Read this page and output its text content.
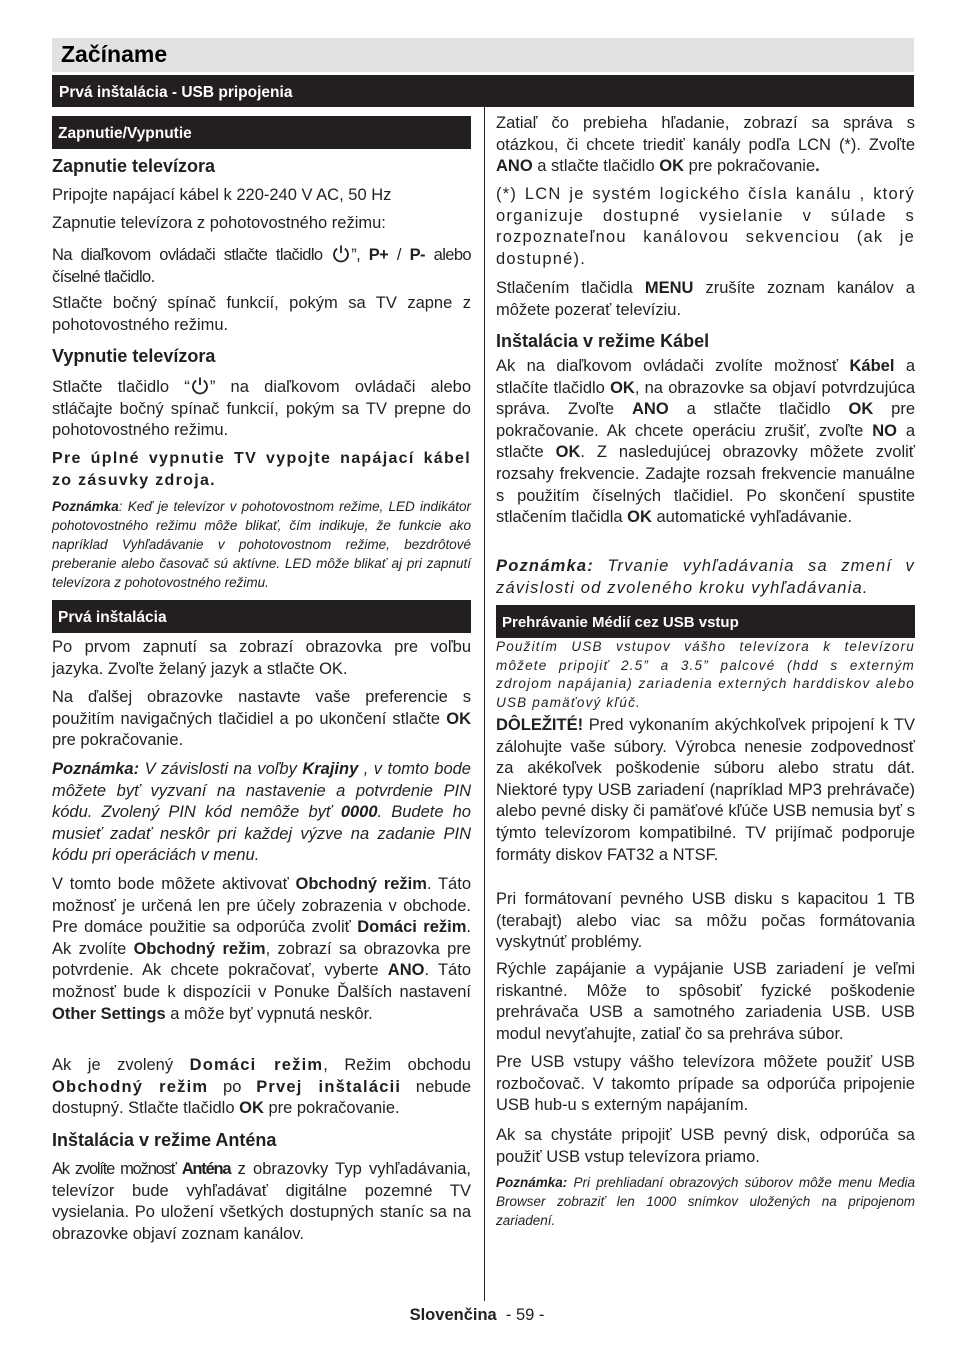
Začíname
Prvá inštalácia - USB pripojenia
Zapnutie/Vypnutie
Zapnutie televízora
Pripojte napájací kábel k 220-240 V AC, 50 Hz
Zapnutie televízora z pohotovostného režimu:
Na diaľkovom ovládači stlačte tlačidlo ”, P+ / P- alebo číselné tlačidlo.
Stlačte bočný spínač funkcií, pokým sa TV zapne z pohotovostného režimu.
Vypnutie televízora
Stlačte tlačidlo “ ” na diaľkovom ovládači alebo stláčajte bočný spínač funkcií, pokým sa TV prepne do pohotovostného režimu.
Pre úplné vypnutie TV vypojte napájací kábel zo zásuvky zdroja.
Poznámka: Keď je televízor v pohotovostnom režime, LED indikátor pohotovostného režimu môže blikať, čím indikuje, že funkcie ako napríklad Vyhľadávanie v pohotovostnom režime, bezdrôtové preberanie alebo časovač sú aktívne. LED môže blikať aj pri zapnutí televízora z pohotovostného režimu.
Prvá inštalácia
Po prvom zapnutí sa zobrazí obrazovka pre voľbu jazyka. Zvoľte želaný jazyk a stlačte OK.
Na ďalšej obrazovke nastavte vaše preferencie s použitím navigačných tlačidiel a po ukončení stlačte OK pre pokračovanie.
Poznámka: V závislosti na voľby Krajiny , v tomto bode môžete byť vyzvaní na nastavenie a potvrdenie PIN kódu. Zvolený PIN kód nemôže byť 0000. Budete ho musieť zadať neskôr pri každej výzve na zadanie PIN kódu pri operáciách v menu.
V tomto bode môžete aktivovať Obchodný režim. Táto možnosť je určená len pre účely zobrazenia v obchode. Pre domáce použitie sa odporúča zvoliť Domáci režim. Ak zvolíte Obchodný režim, zobrazí sa obrazovka pre potvrdenie. Ak chcete pokračovať, vyberte ANO. Táto možnosť bude k dispozícii v Ponuke Ďalších nastavení Other Settings a môže byť vypnutá neskôr.
Ak je zvolený Domáci režim, Režim obchodu Obchodný režim po Prvej inštalácii nebude dostupný. Stlačte tlačidlo OK pre pokračovanie.
Inštalácia v režime Anténa
Ak zvolíte možnosť Anténa z obrazovky Typ vyhľadávania, televízor bude vyhľadávať digitálne pozemné TV vysielania. Po uložení všetkých dostupných staníc sa na obrazovke objaví zoznam kanálov.
Zatiaľ čo prebieha hľadanie, zobrazí sa správa s otázkou, či chcete triediť kanály podľa LCN (*). Zvoľte ANO a stlačte tlačidlo OK pre pokračovanie.
(*) LCN je systém logického čísla kanálu , ktorý organizuje dostupné vysielanie v súlade s rozpoznateľnou kanálovou sekvenciou (ak je dostupné).
Stlačením tlačidla MENU zrušíte zoznam kanálov a môžete pozerať televíziu.
Inštalácia v režime Kábel
Ak na diaľkovom ovládači zvolíte možnosť Kábel a stlačíte tlačidlo OK, na obrazovke sa objaví potvrdzujúca správa. Zvoľte ANO a stlačte tlačidlo OK pre pokračovanie. Ak chcete operáciu zrušiť, zvoľte NO a stlačte OK. Z nasledujúcej obrazovky môžete zvoliť rozsahy frekvencie. Zadajte rozsah frekvencie manuálne s použitím číselných tlačidiel. Po skončení spustite stlačením tlačidla OK automatické vyhľadávanie.
Poznámka: Trvanie vyhľadávania sa zmení v závislosti od zvoleného kroku vyhľadávania.
Prehrávanie Médií cez USB vstup
Použitím USB vstupov vášho televízora k televízoru môžete pripojiť 2.5” a 3.5” palcové (hdd s externým zdrojom napájania) zariadenia externých harddiskov alebo USB pamäťový kľúč.
DÔLEŽITÉ! Pred vykonaním akýchkoľvek pripojení k TV zálohujte vaše súbory. Výrobca nenesie zodpovednosť za akékoľvek poškodenie súboru alebo stratu dát. Niektoré typy USB zariadení (napríklad MP3 prehrávače) alebo pevné disky či pamäťové kľúče USB nemusia byť s týmto televízorom kompatibilné. TV prijímač podporuje formáty diskov FAT32 a NTSF.
Pri formátovaní pevného USB disku s kapacitou 1 TB (terabajt) alebo viac sa môžu počas formátovania vyskytnúť problémy.
Rýchle zapájanie a vypájanie USB zariadení je veľmi riskantné. Môže to spôsobiť fyzické poškodenie prehrávača USB a samotného zariadenia USB. USB modul nevyťahujte, zatiaľ čo sa prehráva súbor.
Pre USB vstupy vášho televízora môžete použiť USB rozbočovač. V takomto prípade sa odporúča pripojenie USB hub-u s externým napájaním.
Ak sa chystáte pripojiť USB pevný disk, odporúča sa použiť USB vstup televízora priamo.
Poznámka: Pri prehliadaní obrazových súborov môže menu Media Browser zobraziť len 1000 snímkov uložených na pripojenom zariadení.
Slovenčina  - 59 -
